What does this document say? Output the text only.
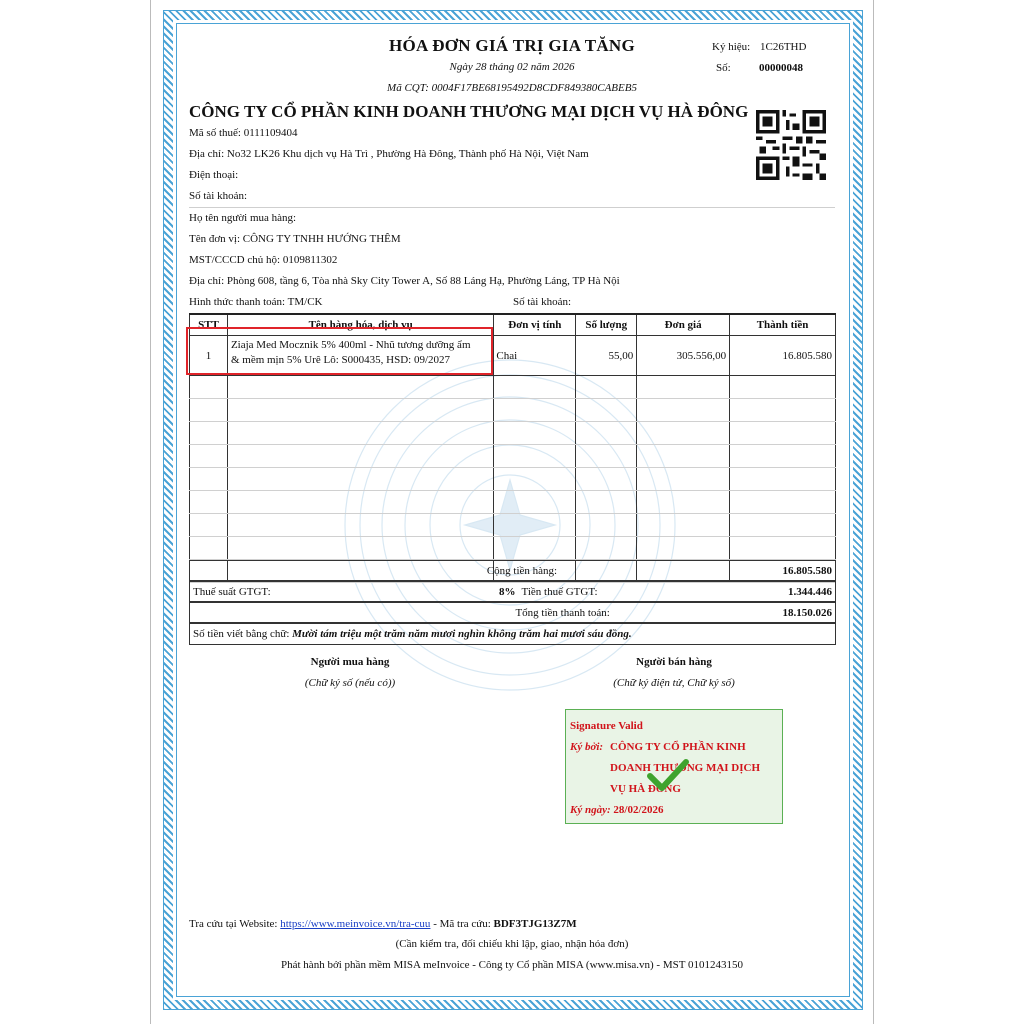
HÓA ĐƠN GIÁ TRỊ GIA TĂNG
Ngày 28 tháng 02 năm 2026
Mã CQT: 0004F17BE68195492D8CDF849380CABEB5
Ký hiệu: 1C26THD
Số:	00000048
CÔNG TY CỔ PHẦN KINH DOANH THƯƠNG MẠI DỊCH VỤ HÀ ĐÔNG
Mã số thuế: 0111109404
Địa chỉ: No32 LK26 Khu dịch vụ Hà Trì , Phường Hà Đông, Thành phố Hà Nội, Việt Nam
Điện thoại:
Số tài khoản:
Họ tên người mua hàng:
Tên đơn vị: CÔNG TY TNHH HƯỚNG THÊM
MST/CCCD chủ hộ: 0109811302
Địa chỉ: Phòng 608, tầng 6, Tòa nhà Sky City Tower A, Số 88 Láng Hạ, Phường Láng, TP Hà Nội
Hình thức thanh toán: TM/CK	Số tài khoản:
STT	Tên hàng hóa, dịch vụ	Đơn vị tính	Số lượng	Đơn giá	Thành tiền
1	Ziaja Med Mocznik 5% 400ml - Nhũ tương dưỡng ẩm
& mềm mịn 5% Urê Lô: S000435, HSD: 09/2027	Chai	55,00	305.556,00	16.805.580

Cộng tiền hàng:	16.805.580
Thuế suất GTGT:	8%	Tiền thuế GTGT:	1.344.446
Tổng tiền thanh toán:	18.150.026
Số tiền viết bằng chữ: Mười tám triệu một trăm năm mươi nghìn không trăm hai mươi sáu đồng.
Người mua hàng
(Chữ ký số (nếu có))
Người bán hàng
(Chữ ký điện tử, Chữ ký số)
Signature Valid
Ký bởi: CÔNG TY CỔ PHẦN KINH
DOANH THƯƠNG MẠI DỊCH
VỤ HÀ ĐÔNG
Ký ngày: 28/02/2026
Tra cứu tại Website: https://www.meinvoice.vn/tra-cuu - Mã tra cứu: BDF3TJG13Z7M
(Cần kiểm tra, đối chiếu khi lập, giao, nhận hóa đơn)
Phát hành bởi phần mềm MISA meInvoice - Công ty Cổ phần MISA (www.misa.vn) - MST 0101243150
